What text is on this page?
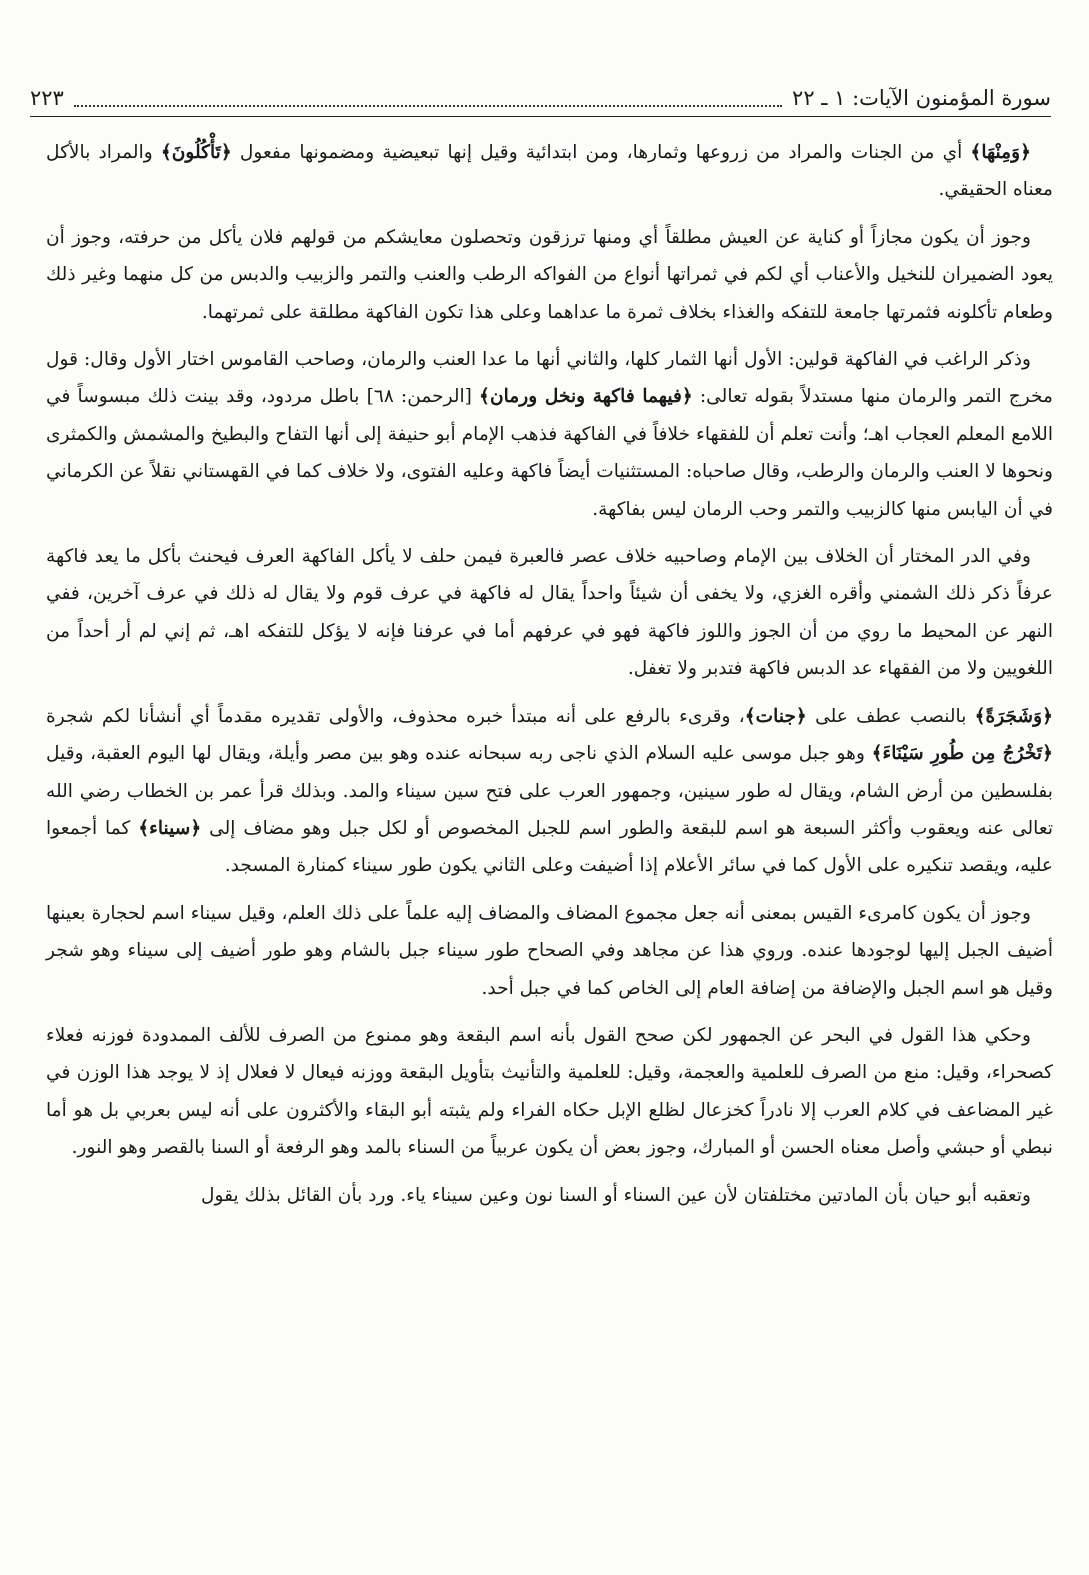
سورة المؤمنون الآيات: ١ ـ ٢٢
٢٢٣

﴿وَمِنْهَا﴾ أي من الجنات والمراد من زروعها وثمارها، ومن ابتدائية وقيل إنها تبعيضية ومضمونها مفعول ﴿تَأْكُلُونَ﴾ والمراد بالأكل معناه الحقيقي.

وجوز أن يكون مجازاً أو كناية عن العيش مطلقاً أي ومنها ترزقون وتحصلون معايشكم من قولهم فلان يأكل من حرفته، وجوز أن يعود الضميران للنخيل والأعناب أي لكم في ثمراتها أنواع من الفواكه الرطب والعنب والتمر والزبيب والدبس من كل منهما وغير ذلك وطعام تأكلونه فثمرتها جامعة للتفكه والغذاء بخلاف ثمرة ما عداهما وعلى هذا تكون الفاكهة مطلقة على ثمرتهما.

وذكر الراغب في الفاكهة قولين: الأول أنها الثمار كلها، والثاني أنها ما عدا العنب والرمان، وصاحب القاموس اختار الأول وقال: قول مخرج التمر والرمان منها مستدلاً بقوله تعالى: ﴿فيهما فاكهة ونخل ورمان﴾ [الرحمن: ٦٨] باطل مردود، وقد بينت ذلك مبسوساً في اللامع المعلم العجاب اهـ؛ وأنت تعلم أن للفقهاء خلافاً في الفاكهة فذهب الإمام أبو حنيفة إلى أنها التفاح والبطيخ والمشمش والكمثرى ونحوها لا العنب والرمان والرطب، وقال صاحباه: المستثنيات أيضاً فاكهة وعليه الفتوى، ولا خلاف كما في القهستاني نقلاً عن الكرماني في أن اليابس منها كالزبيب والتمر وحب الرمان ليس بفاكهة.

وفي الدر المختار أن الخلاف بين الإمام وصاحبيه خلاف عصر فالعبرة فيمن حلف لا يأكل الفاكهة العرف فيحنث بأكل ما يعد فاكهة عرفاً ذكر ذلك الشمني وأقره الغزي، ولا يخفى أن شيئاً واحداً يقال له فاكهة في عرف قوم ولا يقال له ذلك في عرف آخرين، ففي النهر عن المحيط ما روي من أن الجوز واللوز فاكهة فهو في عرفهم أما في عرفنا فإنه لا يؤكل للتفكه اهـ، ثم إني لم أر أحداً من اللغويين ولا من الفقهاء عد الدبس فاكهة فتدبر ولا تغفل.

﴿وَشَجَرَةً﴾ بالنصب عطف على ﴿جنات﴾، وقرىء بالرفع على أنه مبتدأ خبره محذوف، والأولى تقديره مقدماً أي أنشأنا لكم شجرة ﴿تَخْرُجُ مِن طُورِ سَيْنَاءَ﴾ وهو جبل موسى عليه السلام الذي ناجى ربه سبحانه عنده وهو بين مصر وأيلة، ويقال لها اليوم العقبة، وقيل بفلسطين من أرض الشام، ويقال له طور سينين، وجمهور العرب على فتح سين سيناء والمد. وبذلك قرأ عمر بن الخطاب رضي الله تعالى عنه ويعقوب وأكثر السبعة هو اسم للبقعة والطور اسم للجبل المخصوص أو لكل جبل وهو مضاف إلى ﴿سيناء﴾ كما أجمعوا عليه، ويقصد تنكيره على الأول كما في سائر الأعلام إذا أضيفت وعلى الثاني يكون طور سيناء كمنارة المسجد.

وجوز أن يكون كامرىء القيس بمعنى أنه جعل مجموع المضاف والمضاف إليه علماً على ذلك العلم، وقيل سيناء اسم لحجارة بعينها أضيف الجبل إليها لوجودها عنده. وروي هذا عن مجاهد وفي الصحاح طور سيناء جبل بالشام وهو طور أضيف إلى سيناء وهو شجر وقيل هو اسم الجبل والإضافة من إضافة العام إلى الخاص كما في جبل أحد.

وحكي هذا القول في البحر عن الجمهور لكن صحح القول بأنه اسم البقعة وهو ممنوع من الصرف للألف الممدودة فوزنه فعلاء كصحراء، وقيل: منع من الصرف للعلمية والعجمة، وقيل: للعلمية والتأنيث بتأويل البقعة ووزنه فيعال لا فعلال إذ لا يوجد هذا الوزن في غير المضاعف في كلام العرب إلا نادراً كخزعال لظلع الإبل حكاه الفراء ولم يثبته أبو البقاء والأكثرون على أنه ليس بعربي بل هو أما نبطي أو حبشي وأصل معناه الحسن أو المبارك، وجوز بعض أن يكون عربياً من السناء بالمد وهو الرفعة أو السنا بالقصر وهو النور.

وتعقبه أبو حيان بأن المادتين مختلفتان لأن عين السناء أو السنا نون وعين سيناء ياء. ورد بأن القائل بذلك يقول
